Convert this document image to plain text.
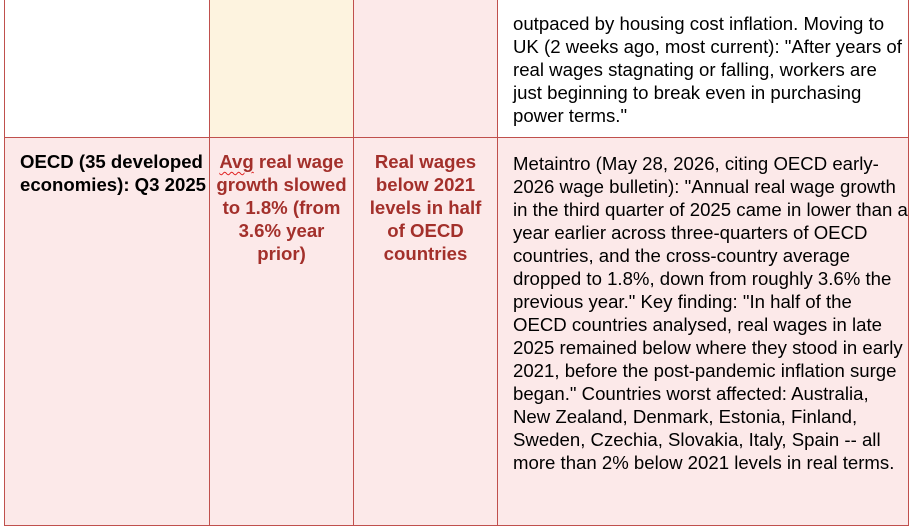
			outpaced by housing cost inflation. Moving to UK (2 weeks ago, most current): "After years of real wages stagnating or falling, workers are just beginning to break even in purchasing power terms."

OECD (35 developed economies): Q3 2025	Avg real wage growth slowed to 1.8% (from 3.6% year prior)	Real wages below 2021 levels in half of OECD countries	Metaintro (May 28, 2026, citing OECD early-2026 wage bulletin): "Annual real wage growth in the third quarter of 2025 came in lower than a year earlier across three-quarters of OECD countries, and the cross-country average dropped to 1.8%, down from roughly 3.6% the previous year." Key finding: "In half of the OECD countries analysed, real wages in late 2025 remained below where they stood in early 2021, before the post-pandemic inflation surge began." Countries worst affected: Australia, New Zealand, Denmark, Estonia, Finland, Sweden, Czechia, Slovakia, Italy, Spain -- all more than 2% below 2021 levels in real terms.
